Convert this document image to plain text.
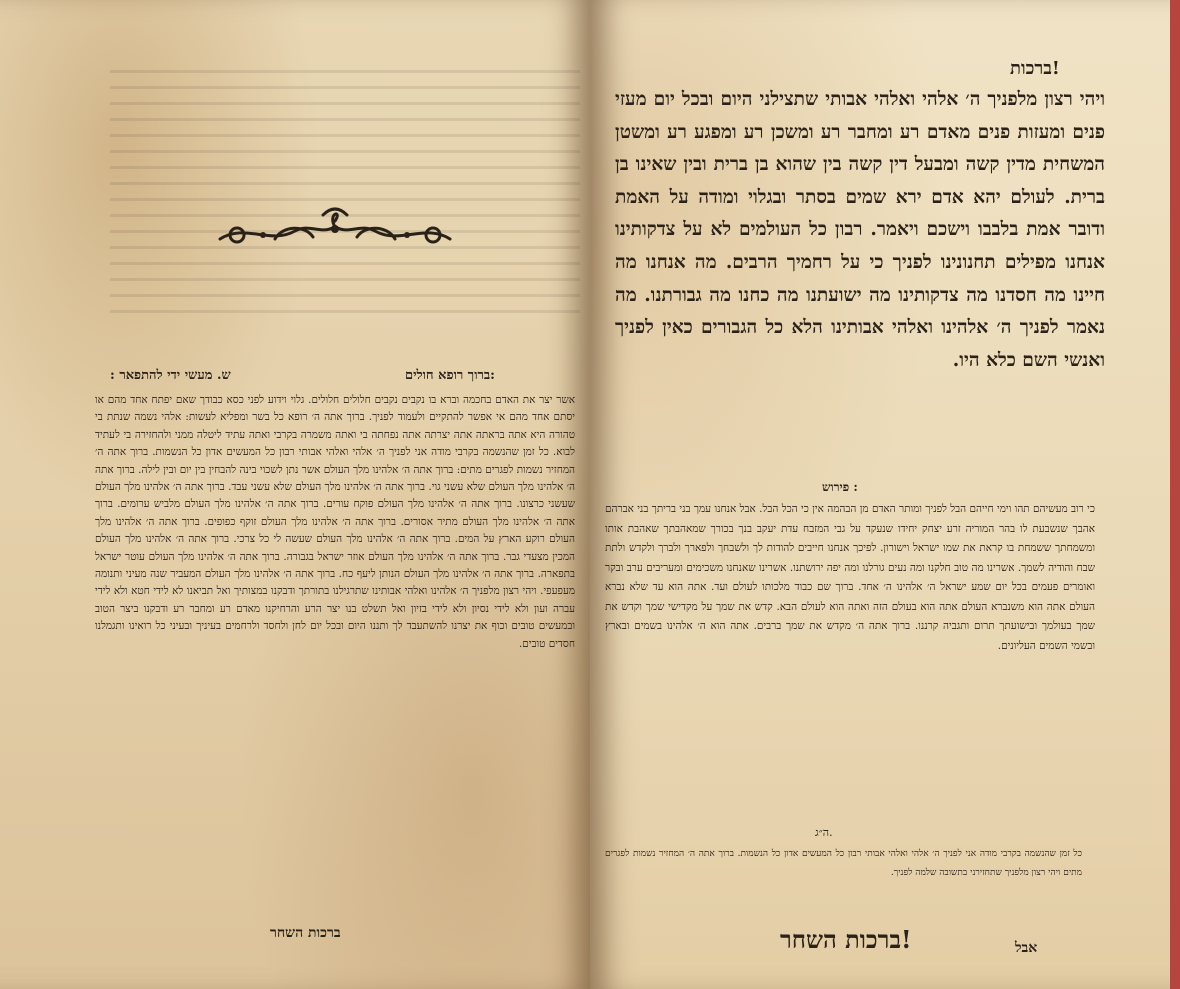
:ברוך רופא חולים
ש. מעשי ידי להתפאר :
אשר יצר את האדם בחכמה וברא בו נקבים נקבים חלולים חלולים. גלוי וידוע לפני כסא כבודך שאם יפתח אחד מהם או יסתם אחד מהם אי אפשר להתקיים ולעמוד לפניך. ברוך אתה ה׳ רופא כל בשר ומפליא לעשות: אלהי נשמה שנתת בי טהורה היא אתה בראתה אתה יצרתה אתה נפחתה בי ואתה משמרה בקרבי ואתה עתיד ליטלה ממני ולהחזירה בי לעתיד לבוא. כל זמן שהנשמה בקרבי מודה אני לפניך ה׳ אלהי ואלהי אבותי רבון כל המעשים אדון כל הנשמות. ברוך אתה ה׳ המחזיר נשמות לפגרים מתים: ברוך אתה ה׳ אלהינו מלך העולם אשר נתן לשכוי בינה להבחין בין יום ובין לילה. ברוך אתה ה׳ אלהינו מלך העולם שלא עשני גוי. ברוך אתה ה׳ אלהינו מלך העולם שלא עשני עבד. ברוך אתה ה׳ אלהינו מלך העולם שעשני כרצונו. ברוך אתה ה׳ אלהינו מלך העולם פוקח עורים. ברוך אתה ה׳ אלהינו מלך העולם מלביש ערומים. ברוך אתה ה׳ אלהינו מלך העולם מתיר אסורים. ברוך אתה ה׳ אלהינו מלך העולם זוקף כפופים. ברוך אתה ה׳ אלהינו מלך העולם רוקע הארץ על המים. ברוך אתה ה׳ אלהינו מלך העולם שעשה לי כל צרכי. ברוך אתה ה׳ אלהינו מלך העולם המכין מצעדי גבר. ברוך אתה ה׳ אלהינו מלך העולם אוזר ישראל בגבורה. ברוך אתה ה׳ אלהינו מלך העולם עוטר ישראל בתפארה. ברוך אתה ה׳ אלהינו מלך העולם הנותן ליעף כח. ברוך אתה ה׳ אלהינו מלך העולם המעביר שנה מעיני ותנומה מעפעפי. ויהי רצון מלפניך ה׳ אלהינו ואלהי אבותינו שתרגילנו בתורתך ודבקנו במצותיך ואל תביאנו לא לידי חטא ולא לידי עברה ועון ולא לידי נסיון ולא לידי בזיון ואל תשלט בנו יצר הרע והרחיקנו מאדם רע ומחבר רע ודבקנו ביצר הטוב ובמעשים טובים וכוף את יצרנו להשתעבד לך ותננו היום ובכל יום לחן ולחסד ולרחמים בעיניך ובעיני כל רואינו ותגמלנו חסדים טובים.
ברכות השחר
!ברכות
ויהי רצון מלפניך ה׳ אלהי ואלהי אבותי שתצילני היום ובכל יום מעזי פנים ומעזות פנים מאדם רע ומחבר רע ומשכן רע ומפגע רע ומשטן המשחית מדין קשה ומבעל דין קשה בין שהוא בן ברית ובין שאינו בן ברית. לעולם יהא אדם ירא שמים בסתר ובגלוי ומודה על האמת ודובר אמת בלבבו וישכם ויאמר. רבון כל העולמים לא על צדקותינו אנחנו מפילים תחנונינו לפניך כי על רחמיך הרבים. מה אנחנו מה חיינו מה חסדנו מה צדקותינו מה ישועתנו מה כחנו מה גבורתנו. מה נאמר לפניך ה׳ אלהינו ואלהי אבותינו הלא כל הגבורים כאין לפניך ואנשי השם כלא היו.
: פירוש
כי רוב מעשיהם תהו וימי חייהם הבל לפניך ומותר האדם מן הבהמה אין כי הכל הבל. אבל אנחנו עמך בני בריתך בני אברהם אהבך שנשבעת לו בהר המוריה זרע יצחק יחידו שנעקד על גבי המזבח עדת יעקב בנך בכורך שמאהבתך שאהבת אותו ומשמחתך ששמחת בו קראת את שמו ישראל וישורון. לפיכך אנחנו חייבים להודות לך ולשבחך ולפארך ולברך ולקדש ולתת שבח והודיה לשמך. אשרינו מה טוב חלקנו ומה נעים גורלנו ומה יפה ירושתנו. אשרינו שאנחנו משכימים ומעריבים ערב ובקר ואומרים פעמים בכל יום שמע ישראל ה׳ אלהינו ה׳ אחד. ברוך שם כבוד מלכותו לעולם ועד. אתה הוא עד שלא נברא העולם אתה הוא משנברא העולם אתה הוא בעולם הזה ואתה הוא לעולם הבא. קדש את שמך על מקדישי שמך וקדש את שמך בעולמך ובישועתך תרום ותגביה קרננו. ברוך אתה ה׳ מקדש את שמך ברבים. אתה הוא ה׳ אלהינו בשמים ובארץ ובשמי השמים העליונים.
.ה״ג
כל זמן שהנשמה בקרבי מודה אני לפניך ה׳ אלהי ואלהי אבותי רבון כל המעשים אדון כל הנשמות. ברוך אתה ה׳ המחזיר נשמות לפגרים מתים ויהי רצון מלפניך שתחזירני בתשובה שלמה לפניך.
!ברכות השחר	אבל
